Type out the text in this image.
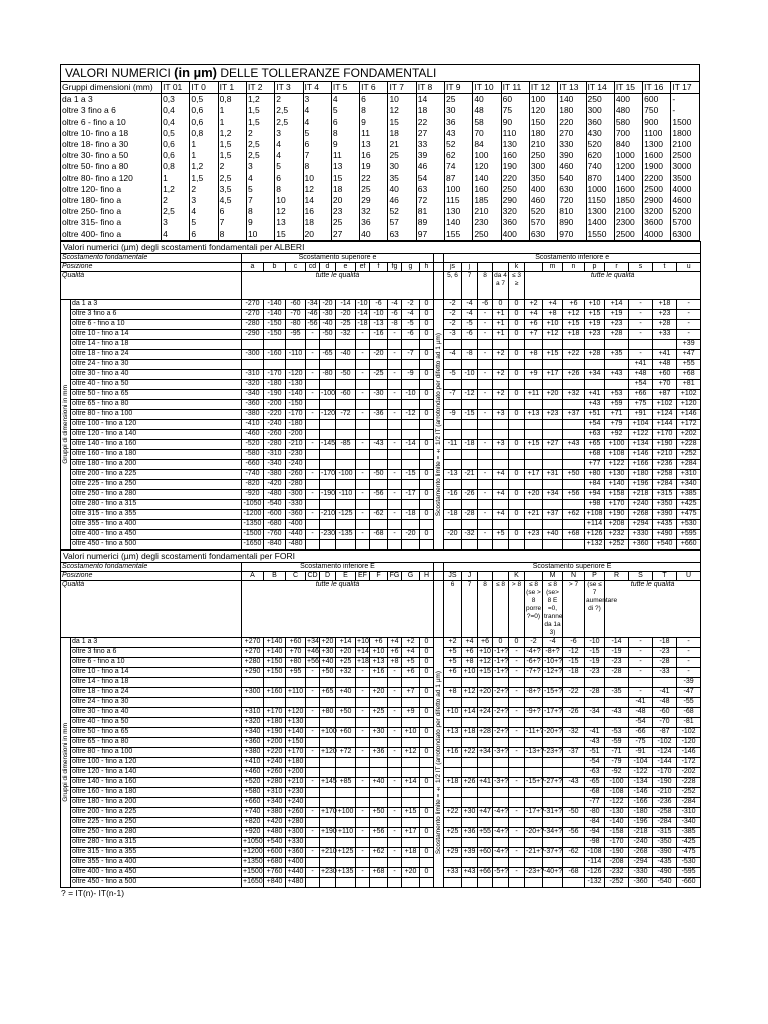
VALORI NUMERICI (in µm) DELLE TOLLERANZE FONDAMENTALI																			
Gruppi dimensioni (mm)	IT 01	IT 0	IT 1	IT 2	IT 3	IT 4	IT 5	IT 6	IT 7	IT 8	IT 9	IT 10	IT 11	IT 12	IT 13	IT 14	IT 15	IT 16	IT 17
da 1 a 3	0,3	0,5	0,8	1,2	2	3	4	6	10	14	25	40	60	100	140	250	400	600	-
oltre 3 fino a 6	0,4	0,6	1	1,5	2,5	4	5	8	12	18	30	48	75	120	180	300	480	750	-
oltre 6 - fino a 10	0,4	0,6	1	1,5	2,5	4	6	9	15	22	36	58	90	150	220	360	580	900	1500
oltre 10- fino a 18	0,5	0,8	1,2	2	3	5	8	11	18	27	43	70	110	180	270	430	700	1100	1800
oltre 18- fino a 30	0,6	1	1,5	2,5	4	6	9	13	21	33	52	84	130	210	330	520	840	1300	2100
oltre 30- fino a 50	0,6	1	1,5	2,5	4	7	11	16	25	39	62	100	160	250	390	620	1000	1600	2500
oltre 50- fino a 80	0,8	1,2	2	3	5	8	13	19	30	46	74	120	190	300	460	740	1200	1900	3000
oltre 80- fino a 120	1	1,5	2,5	4	6	10	15	22	35	54	87	140	220	350	540	870	1400	2200	3500
oltre 120- fino a	1,2	2	3,5	5	8	12	18	25	40	63	100	160	250	400	630	1000	1600	2500	4000
oltre 180- fino a	2	3	4,5	7	10	14	20	29	46	72	115	185	290	460	720	1150	1850	2900	4600
oltre 250- fino a	2,5	4	6	8	12	16	23	32	52	81	130	210	320	520	810	1300	2100	3200	5200
oltre 315- fino a	3	5	7	9	13	18	25	36	57	89	140	230	360	570	890	1400	2300	3600	5700
oltre 400- fino a	4	6	8	10	15	20	27	40	63	97	155	250	400	630	970	1550	2500	4000	6300
Valori numerici (µm) degli scostamenti fondamentali per ALBERI																											
Scostamento fondamentale		Scostamento superiore e												Scostamento inferiore e													
Posizione		a	b	c	cd	d	e	ef	f	fg	g	h		js	j			k		m	n	p	r	s	t	u	
Qualità		tutte le qualità												5, 6	7	8	da 4 a 7	≤ 3 ≥	tutte le qualità								

Gruppi di dimensioni in mm	da 1 a 3	-270	-140	-60	-34	-20	-14	-10	-6	-4	-2	0	Scostamento limite = ± 1/2 IT (arrotondato per difetto ad 1 µm)	-2	-4	-6	0	0	+2	+4	+6	+10	+14	-	+18	-	
	oltre 3 fino a 6	-270	-140	-70	-46	-30	-20	-14	-10	-6	-4	0		-2	-4	-	+1	0	+4	+8	+12	+15	+19	-	+23	-	
	oltre 6 - fino a 10	-280	-150	-80	-56	-40	-25	-18	-13	-8	-5	0		-2	-5	-	+1	0	+6	+10	+15	+19	+23	-	+28	-	
	oltre 10 - fino a 14	-290	-150	-95	-	-50	-32	-	-16	-	-6	0		-3	-6	-	+1	0	+7	+12	+18	+23	+28	-	+33	-	
	oltre 14 - fino a 18																									+39	
	oltre 18 - fino a 24	-300	-160	-110	-	-65	-40	-	-20	-	-7	0		-4	-8	-	+2	0	+8	+15	+22	+28	+35	-	+41	+47	
	oltre 24 - fino a 30																							+41	+48	+55	
	oltre 30 - fino a 40	-310	-170	-120	-	-80	-50	-	-25	-	-9	0		-5	-10	-	+2	0	+9	+17	+26	+34	+43	+48	+60	+68	
	oltre 40 - fino a 50	-320	-180	-130																				+54	+70	+81	
	oltre 50 - fino a 65	-340	-190	-140	-	-100	-60	-	-30	-	-10	0		-7	-12	-	+2	0	+11	+20	+32	+41	+53	+66	+87	+102	
	oltre 65 - fino a 80	-360	-200	-150																		+43	+59	+75	+102	+120	
	oltre 80 - fino a 100	-380	-220	-170	-	-120	-72	-	-36	-	-12	0		-9	-15	-	+3	0	+13	+23	+37	+51	+71	+91	+124	+146	
	oltre 100 - fino a 120	-410	-240	-180																		+54	+79	+104	+144	+172	
	oltre 120 - fino a 140	-460	-260	-200																		+63	+92	+122	+170	+202	
	oltre 140 - fino a 160	-520	-280	-210	-	-145	-85	-	-43	-	-14	0		-11	-18	-	+3	0	+15	+27	+43	+65	+100	+134	+190	+228	
	oltre 160 - fino a 180	-580	-310	-230																		+68	+108	+146	+210	+252	
	oltre 180 - fino a 200	-660	-340	-240																		+77	+122	+166	+236	+284	
	oltre 200 - fino a 225	-740	-380	-260	-	-170	-100	-	-50	-	-15	0		-13	-21	-	+4	0	+17	+31	+50	+80	+130	+180	+258	+310	
	oltre 225 - fino a 250	-820	-420	-280																		+84	+140	+196	+284	+340	
	oltre 250 - fino a 280	-920	-480	-300	-	-190	-110	-	-56	-	-17	0		-16	-26	-	+4	0	+20	+34	+56	+94	+158	+218	+315	+385	
	oltre 280 - fino a 315	-1050	-540	-330																		+98	+170	+240	+350	+425	
	oltre 315 - fino a 355	-1200	-600	-360	-	-210	-125	-	-62	-	-18	0		-18	-28	-	+4	0	+21	+37	+62	+108	+190	+268	+390	+475	
	oltre 355 - fino a 400	-1350	-680	-400																		+114	+208	+294	+435	+530	
	oltre 400 - fino a 450	-1500	-760	-440	-	-230	-135	-	-68	-	-20	0		-20	-32	-	+5	0	+23	+40	+68	+126	+232	+330	+490	+595	
	oltre 450 - fino a 500	-1650	-840	-480																		+132	+252	+360	+540	+660	
Valori numerici (µm) degli scostamenti fondamentali per FORI																											
Scostamento fondamentale		Scostamento inferiore E												Scostamento superiore E													
Posizione		A	B	C	CD	D	E	EF	F	FG	G	H		JS	J			K		M	N	P	R	S	T	U	
Qualità		tutte le qualità												6	7	8	≤ 8	> 8	≤ 8 (se > 8 porre ?=0)	≤ 8 (se> 8 E =0, tranne da 1a 3)	> 7	(se ≤ 7 aumentare di ?)	tutte le qualità				

Gruppi di dimensioni in mm	da 1 a 3	+270	+140	+60	+34	+20	+14	+10	+6	+4	+2	0	Scostamento limite = ± 1/2 IT (arrotondato per difetto ad 1 µm)	+2	+4	+6	0	0	-2	-4	-6	-10	-14	-	-18	-	
	oltre 3 fino a 6	+270	+140	+70	+46	+30	+20	+14	+10	+6	+4	0		+5	+6	+10	-1+?	-	-4+?	-8+?	-12	-15	-19	-	-23	-	
	oltre 6 - fino a 10	+280	+150	+80	+56	+40	+25	+18	+13	+8	+5	0		+5	+8	+12	-1+?	-	-6+?	-10+?	-15	-19	-23	-	-28	-	
	oltre 10 - fino a 14	+290	+150	+95	-	+50	+32	-	+16	-	+6	0		+6	+10	+15	-1+?	-	-7+?	-12+?	-18	-23	-28	-	-33	-	
	oltre 14 - fino a 18																									-39	
	oltre 18 - fino a 24	+300	+160	+110	-	+65	+40	-	+20	-	+7	0		+8	+12	+20	-2+?	-	-8+?	-15+?	-22	-28	-35	-	-41	-47	
	oltre 24 - fino a 30																							-41	-48	-55	
	oltre 30 - fino a 40	+310	+170	+120	-	+80	+50	-	+25	-	+9	0		+10	+14	+24	-2+?	-	-9+?	-17+?	-26	-34	-43	-48	-60	-68	
	oltre 40 - fino a 50	+320	+180	+130																				-54	-70	-81	
	oltre 50 - fino a 65	+340	+190	+140	-	+100	+60	-	+30	-	+10	0		+13	+18	+28	-2+?	-	-11+?	-20+?	-32	-41	-53	-66	-87	-102	
	oltre 65 - fino a 80	+360	+200	+150																		-43	-59	-75	-102	-120	
	oltre 80 - fino a 100	+380	+220	+170	-	+120	+72	-	+36	-	+12	0		+16	+22	+34	-3+?	-	-13+?	-23+?	-37	-51	-71	-91	-124	-146	
	oltre 100 - fino a 120	+410	+240	+180																		-54	-79	-104	-144	-172	
	oltre 120 - fino a 140	+460	+260	+200																		-63	-92	-122	-170	-202	
	oltre 140 - fino a 160	+520	+280	+210	-	+145	+85	-	+40	-	+14	0		+18	+26	+41	-3+?	-	-15+?	-27+?	-43	-65	-100	-134	-190	-228	
	oltre 160 - fino a 180	+580	+310	+230																		-68	-108	-146	-210	-252	
	oltre 180 - fino a 200	+660	+340	+240																		-77	-122	-166	-236	-284	
	oltre 200 - fino a 225	+740	+380	+260	-	+170	+100	-	+50	-	+15	0		+22	+30	+47	-4+?	-	-17+?	-31+?	-50	-80	-130	-180	-258	-310	
	oltre 225 - fino a 250	+820	+420	+280																		-84	-140	-196	-284	-340	
	oltre 250 - fino a 280	+920	+480	+300	-	+190	+110	-	+56	-	+17	0		+25	+36	+55	-4+?	-	-20+?	-34+?	-56	-94	-158	-218	-315	-385	
	oltre 280 - fino a 315	+1050	+540	+330																		-98	-170	-240	-350	-425	
	oltre 315 - fino a 355	+1200	+600	+360	-	+210	+125	-	+62	-	+18	0		+29	+39	+60	-4+?	-	-21+?	-37+?	-62	-108	-190	-268	-390	-475	
	oltre 355 - fino a 400	+1350	+680	+400																		-114	-208	-294	-435	-530	
	oltre 400 - fino a 450	+1500	+760	+440	-	+230	+135	-	+68	-	+20	0		+33	+43	+66	-5+?	-	-23+?	-40+?	-68	-126	-232	-330	-490	-595	
	oltre 450 - fino a 500	+1650	+840	+480																		-132	-252	-360	-540	-660	
? = IT(n)- IT(n-1)
